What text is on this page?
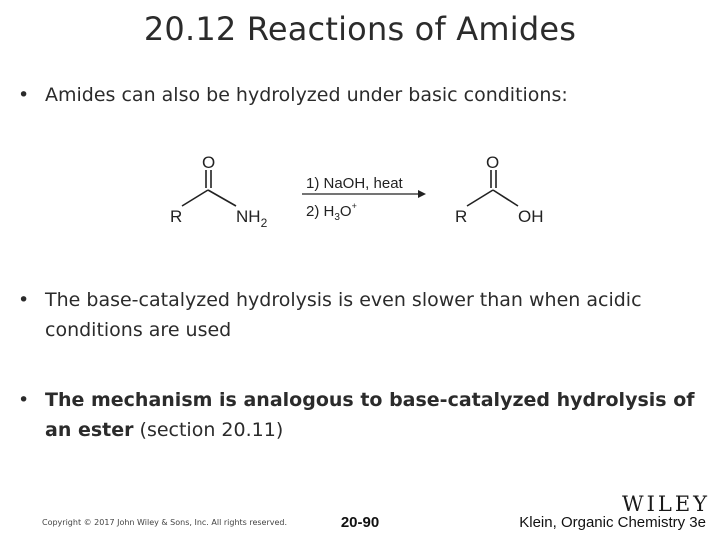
20.12 Reactions of Amides
• Amides can also be hydrolyzed under basic conditions:
O
R	$NH_2$
1) NaOH, heat
2) $H_3O^+$
O
R	OH
• The base-catalyzed hydrolysis is even slower than when acidic conditions are used
• The mechanism is analogous to base-catalyzed hydrolysis of an ester (section 20.11)
Copyright © 2017 John Wiley & Sons, Inc. All rights reserved.	20-90
WILEY
Klein, Organic Chemistry 3e
